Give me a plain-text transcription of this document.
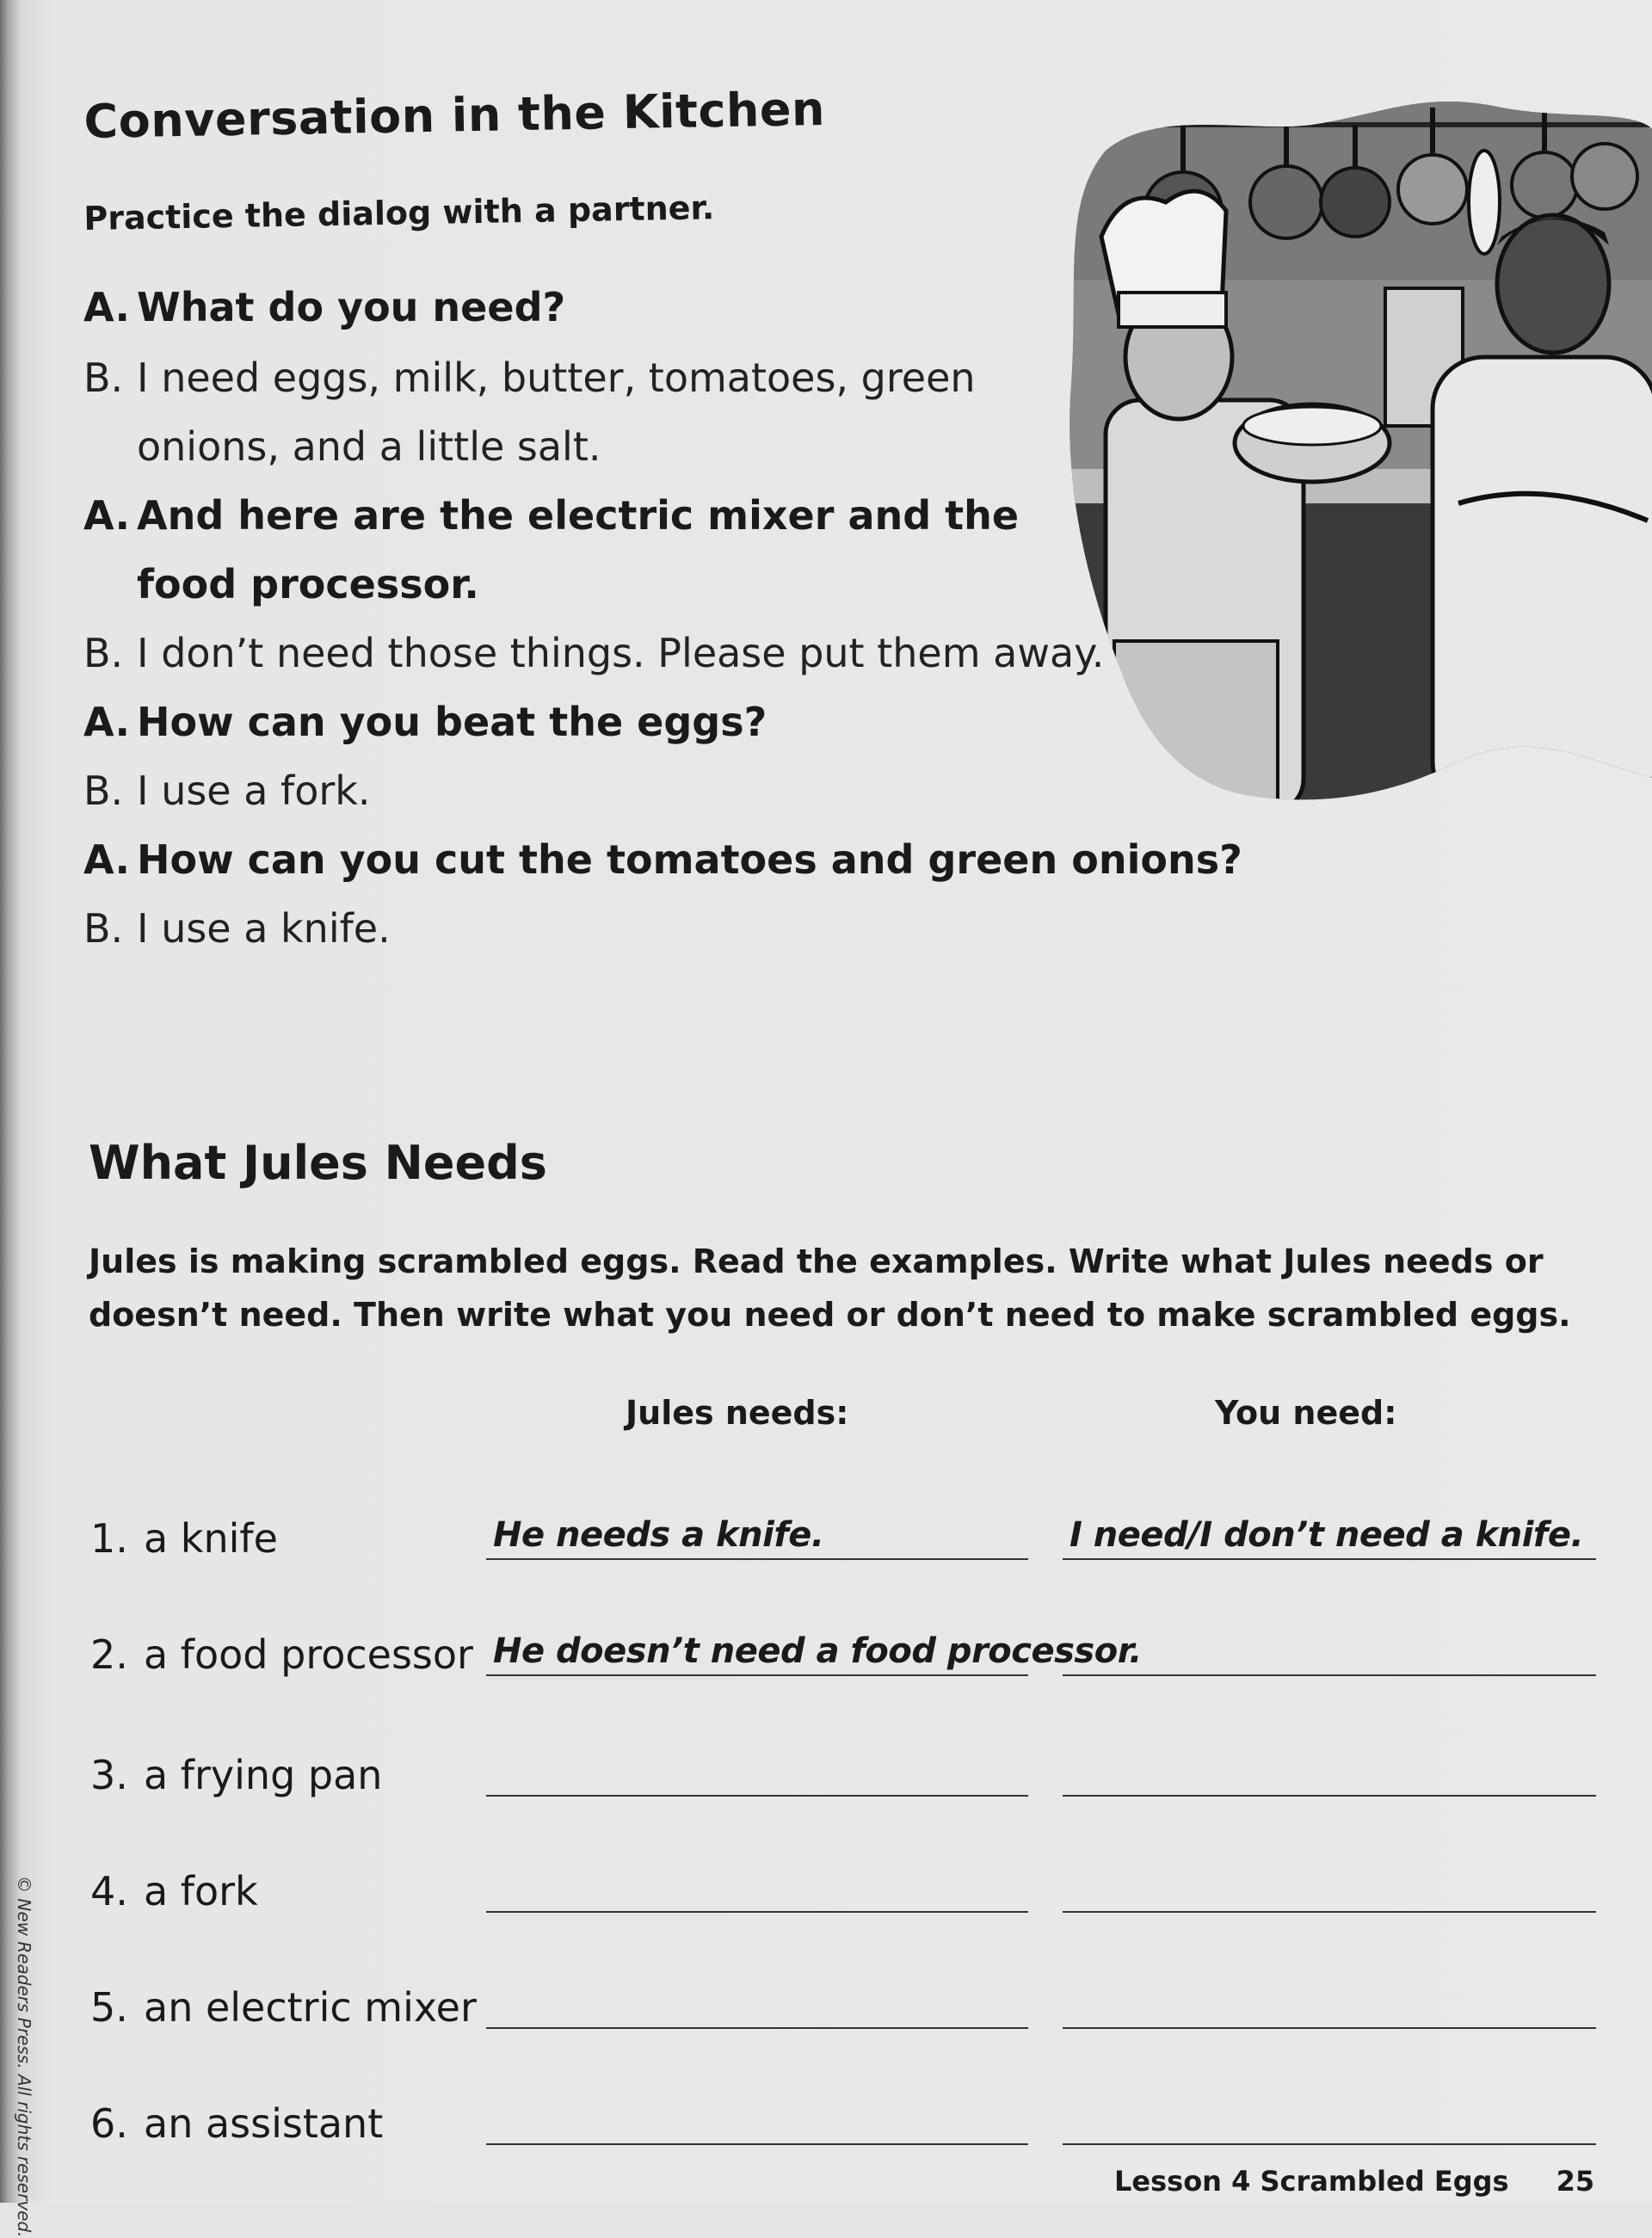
Conversation in the Kitchen
Practice the dialog with a partner.
A. What do you need?
B. I need eggs, milk, butter, tomatoes, green
onions, and a little salt.
A. And here are the electric mixer and the
food processor.
B. I don’t need those things. Please put them away.
A. How can you beat the eggs?
B. I use a fork.
A. How can you cut the tomatoes and green onions?
B. I use a knife.
What Jules Needs
Jules is making scrambled eggs. Read the examples. Write what Jules needs or doesn’t need. Then write what you need or don’t need to make scrambled eggs.
Jules needs:	You need:
1. a knife	He needs a knife.	I need/I don’t need a knife.
2. a food processor He doesn’t need a food processor.
3. a frying pan
4. a fork
5. an electric mixer
6. an assistant
Lesson 4 Scrambled Eggs 25
© New Readers Press. All rights reserved.
